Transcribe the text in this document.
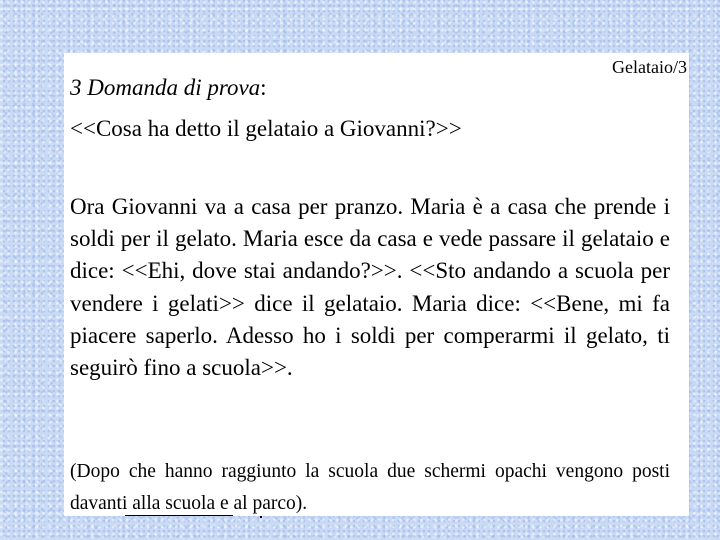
Gelataio/3
3 Domanda di prova:
<<Cosa ha detto il gelataio a Giovanni?>>

Ora Giovanni va a casa per pranzo. Maria è a casa che prende i soldi per il gelato. Maria esce da casa e vede passare il gelataio e dice: <<Ehi, dove stai andando?>>. <<Sto andando a scuola per vendere i gelati>> dice il gelataio. Maria dice: <<Bene, mi fa piacere saperlo. Adesso ho i soldi per comperarmi il gelato, ti seguirò fino a scuola>>.

(Dopo che hanno raggiunto la scuola due schermi opachi vengono posti davanti alla scuola e al parco).
